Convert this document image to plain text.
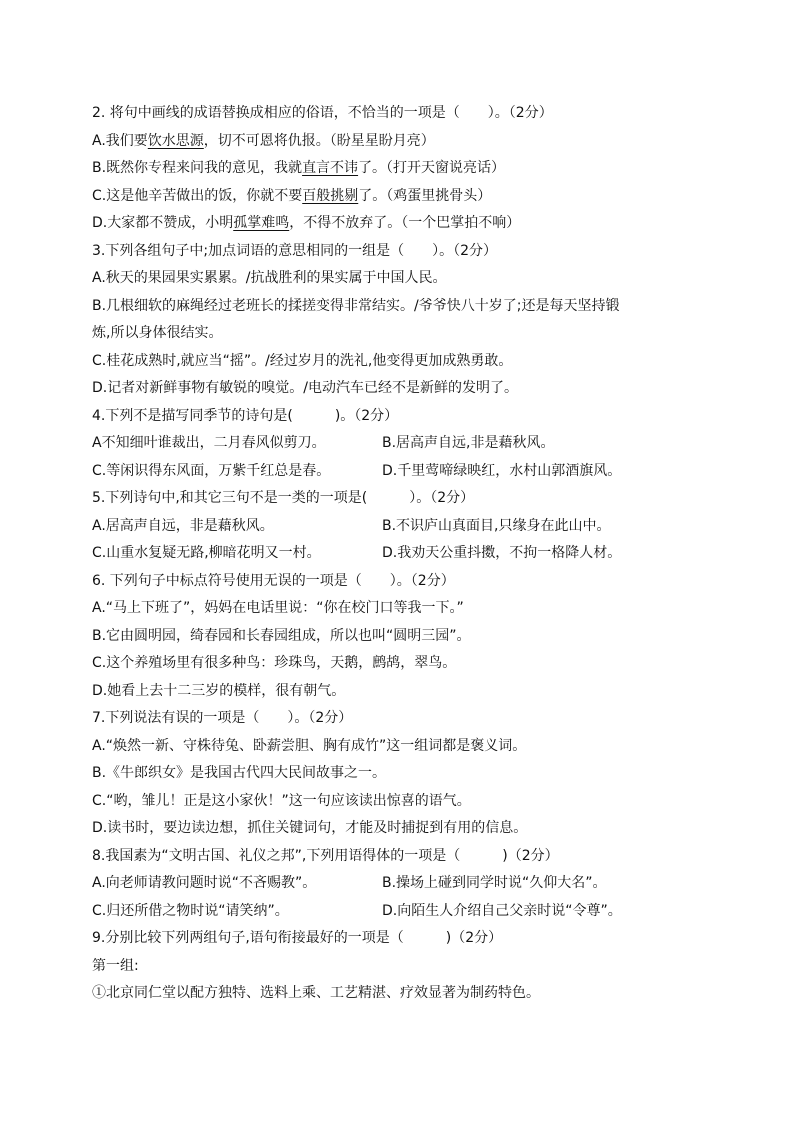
2. 将句中画线的成语替换成相应的俗语，不恰当的一项是（　　）。（2分）
A.我们要饮水思源，切不可恩将仇报。（盼星星盼月亮）
B.既然你专程来问我的意见，我就直言不讳了。（打开天窗说亮话）
C.这是他辛苦做出的饭，你就不要百般挑剔了。（鸡蛋里挑骨头）
D.大家都不赞成，小明孤掌难鸣，不得不放弃了。（一个巴掌拍不响）
3.下列各组句子中;加点词语的意思相同的一组是（　　）。（2分）
A.秋天的果园果实累累。/抗战胜利的果实属于中国人民。
B.几根细软的麻绳经过老班长的揉搓变得非常结实。/爷爷快八十岁了;还是每天坚持锻
炼,所以身体很结实。
C.桂花成熟时,就应当“摇”。/经过岁月的洗礼,他变得更加成熟勇敢。
D.记者对新鲜事物有敏锐的嗅觉。/电动汽车已经不是新鲜的发明了。
4.下列不是描写同季节的诗句是(　　　)。（2分）
A不知细叶谁裁出，二月春风似剪刀。	B.居高声自远,非是藉秋风。
C.等闲识得东风面，万紫千红总是春。	D.千里莺啼绿映红，水村山郭酒旗风。
5.下列诗句中,和其它三句不是一类的一项是(　　　）。（2分）
A.居高声自远，非是藉秋风。	B.不识庐山真面目,只缘身在此山中。
C.山重水复疑无路,柳暗花明又一村。	D.我劝天公重抖擞，不拘一格降人材。
6. 下列句子中标点符号使用无误的一项是（　　）。（2分）
A.“马上下班了”，妈妈在电话里说：“你在校门口等我一下。”
B.它由圆明园，绮春园和长春园组成，所以也叫“圆明三园”。
C.这个养殖场里有很多种鸟：珍珠鸟，天鹅，鹧鸪，翠鸟。
D.她看上去十二三岁的模样，很有朝气。
7.下列说法有误的一项是（　　）。（2分）
A.“焕然一新、守株待兔、卧薪尝胆、胸有成竹”这一组词都是褒义词。
B.《牛郎织女》是我国古代四大民间故事之一。
C.“哟，雏儿！正是这小家伙！”这一句应该读出惊喜的语气。
D.读书时，要边读边想，抓住关键词句，才能及时捕捉到有用的信息。
8.我国素为“文明古国、礼仪之邦”,下列用语得体的一项是（　　　)（2分）
A.向老师请教问题时说“不吝赐教”。	B.操场上碰到同学时说“久仰大名”。
C.归还所借之物时说“请笑纳”。	D.向陌生人介绍自己父亲时说“令尊”。
9.分别比较下列两组句子,语句衔接最好的一项是（　　　)（2分）
第一组:
①北京同仁堂以配方独特、选料上乘、工艺精湛、疗效显著为制药特色。
